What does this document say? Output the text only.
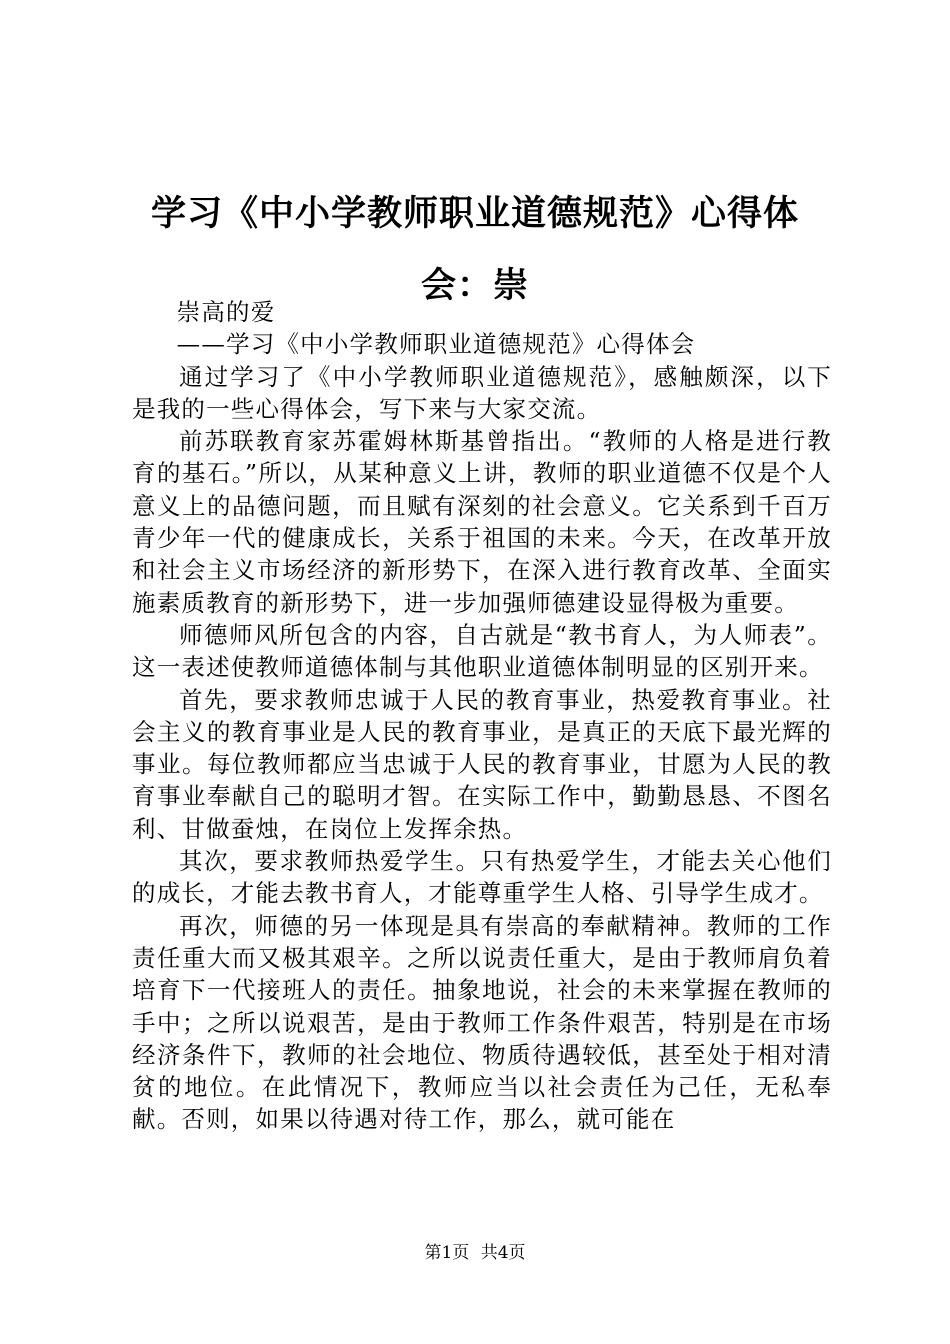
学习《中小学教师职业道德规范》心得体会：崇

崇高的爱

——学习《中小学教师职业道德规范》心得体会

通过学习了《中小学教师职业道德规范》，感触颇深，以下是我的一些心得体会，写下来与大家交流。

前苏联教育家苏霍姆林斯基曾指出。“教师的人格是进行教育的基石。”所以，从某种意义上讲，教师的职业道德不仅是个人意义上的品德问题，而且赋有深刻的社会意义。它关系到千百万青少年一代的健康成长，关系于祖国的未来。今天，在改革开放和社会主义市场经济的新形势下，在深入进行教育改革、全面实施素质教育的新形势下，进一步加强师德建设显得极为重要。

师德师风所包含的内容，自古就是“教书育人，为人师表”。这一表述使教师道德体制与其他职业道德体制明显的区别开来。

首先，要求教师忠诚于人民的教育事业，热爱教育事业。社会主义的教育事业是人民的教育事业，是真正的天底下最光辉的事业。每位教师都应当忠诚于人民的教育事业，甘愿为人民的教育事业奉献自己的聪明才智。在实际工作中，勤勤恳恳、不图名利、甘做蚕烛，在岗位上发挥余热。

其次，要求教师热爱学生。只有热爱学生，才能去关心他们的成长，才能去教书育人，才能尊重学生人格、引导学生成才。

再次，师德的另一体现是具有崇高的奉献精神。教师的工作责任重大而又极其艰辛。之所以说责任重大，是由于教师肩负着培育下一代接班人的责任。抽象地说，社会的未来掌握在教师的手中；之所以说艰苦，是由于教师工作条件艰苦，特别是在市场经济条件下，教师的社会地位、物质待遇较低，甚至处于相对清贫的地位。在此情况下，教师应当以社会责任为己任，无私奉献。否则，如果以待遇对待工作，那么，就可能在

第1页 共4页
